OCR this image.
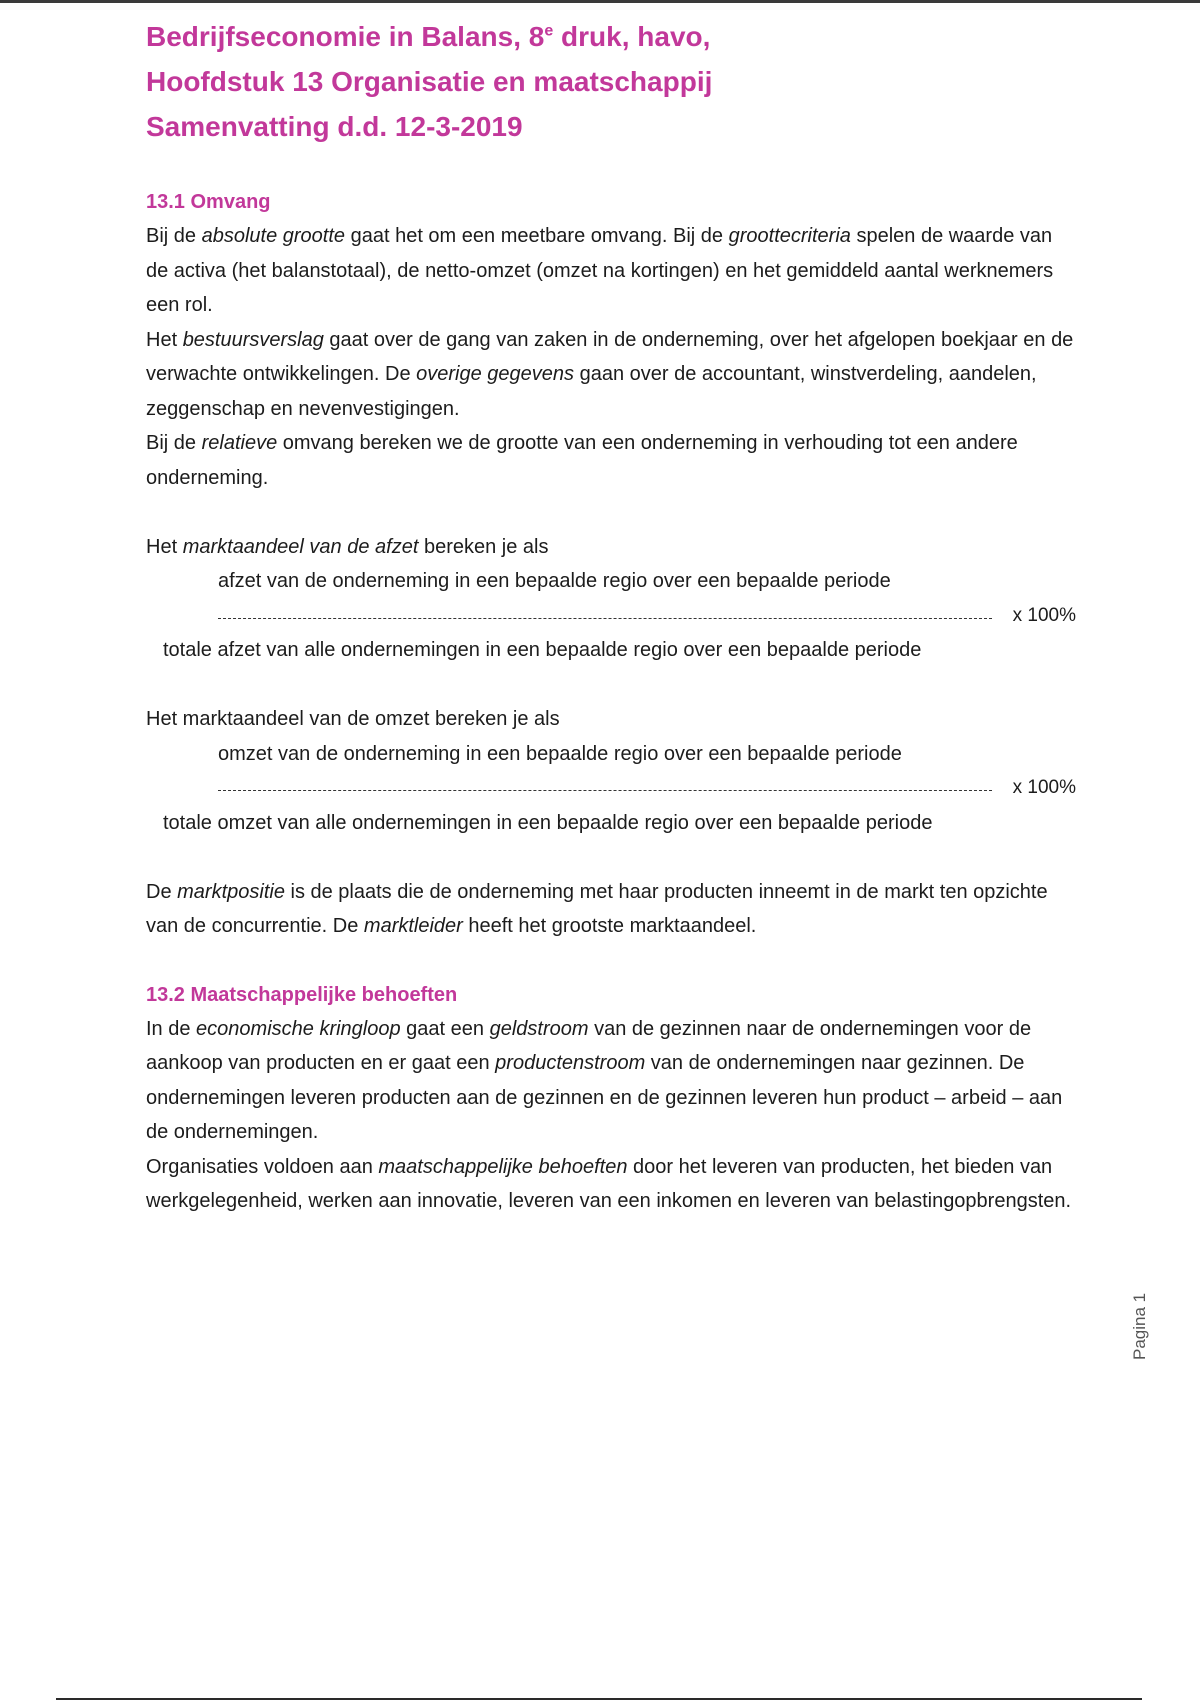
Bedrijfseconomie in Balans, 8e druk, havo,
Hoofdstuk 13 Organisatie en maatschappij
Samenvatting d.d. 12-3-2019
13.1 Omvang

Bij de absolute grootte gaat het om een meetbare omvang. Bij de groottecriteria spelen de waarde van de activa (het balanstotaal), de netto-omzet (omzet na kortingen) en het gemiddeld aantal werknemers een rol.

Het bestuursverslag gaat over de gang van zaken in de onderneming, over het afgelopen boekjaar en de verwachte ontwikkelingen. De overige gegevens gaan over de accountant, winstverdeling, aandelen, zeggenschap en nevenvestigingen.

Bij de relatieve omvang bereken we de grootte van een onderneming in verhouding tot een andere onderneming.

Het marktaandeel van de afzet bereken je als

afzet van de onderneming in een bepaalde regio over een bepaalde periode
x 100%
totale afzet van alle ondernemingen in een bepaalde regio over een bepaalde periode

Het marktaandeel van de omzet bereken je als

omzet van de onderneming in een bepaalde regio over een bepaalde periode
x 100%
totale omzet van alle ondernemingen in een bepaalde regio over een bepaalde periode

De marktpositie is de plaats die de onderneming met haar producten inneemt in de markt ten opzichte van de concurrentie. De marktleider heeft het grootste marktaandeel.

13.2 Maatschappelijke behoeften

In de economische kringloop gaat een geldstroom van de gezinnen naar de ondernemingen voor de aankoop van producten en er gaat een productenstroom van de ondernemingen naar gezinnen. De ondernemingen leveren producten aan de gezinnen en de gezinnen leveren hun product – arbeid – aan de ondernemingen.

Organisaties voldoen aan maatschappelijke behoeften door het leveren van producten, het bieden van werkgelegenheid, werken aan innovatie, leveren van een inkomen en leveren van belastingopbrengsten.

Pagina 1
